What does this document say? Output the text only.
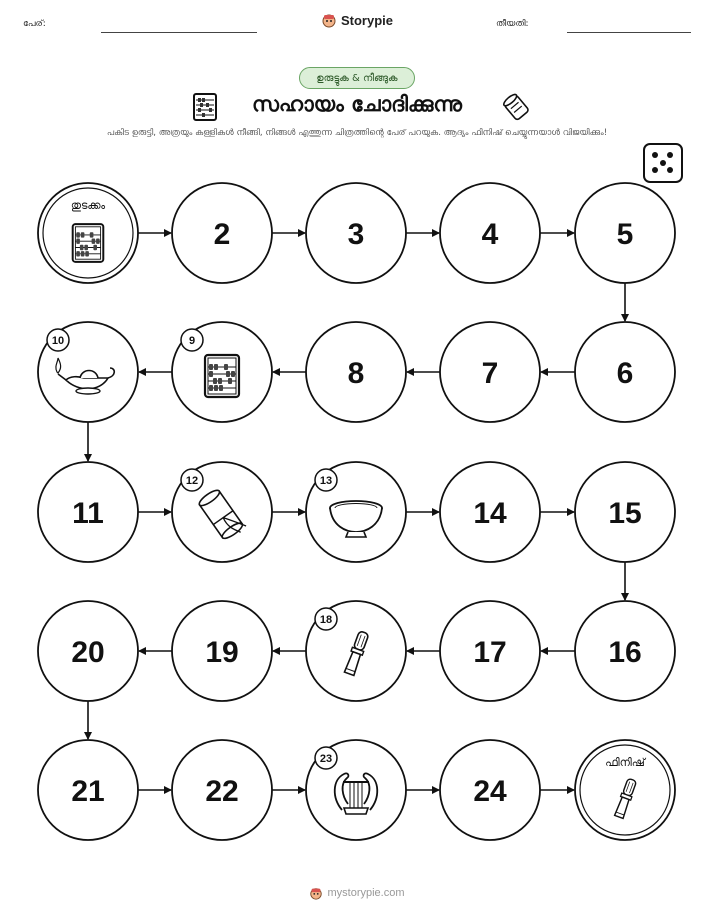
പേര്:	തീയതി:
Storypie
ഉരുട്ടുക & നീങ്ങുക
സഹായം ചോദിക്കുന്നു
പകിട ഉരുട്ടി, അത്രയും കള്ളികൾ നീങ്ങി, നിങ്ങൾ എത്തുന്ന ചിത്രത്തിന്റെ പേര് പറയുക. ആദ്യം ഫിനിഷ് ചെയ്യുന്നയാൾ വിജയിക്കും!
തുടക്കം
2	3	4	5
6
7
8
9
10
11
12	13
14	15
16
17
18
19
20
21	22
23
24
ഫിനിഷ്
mystorypie.com
